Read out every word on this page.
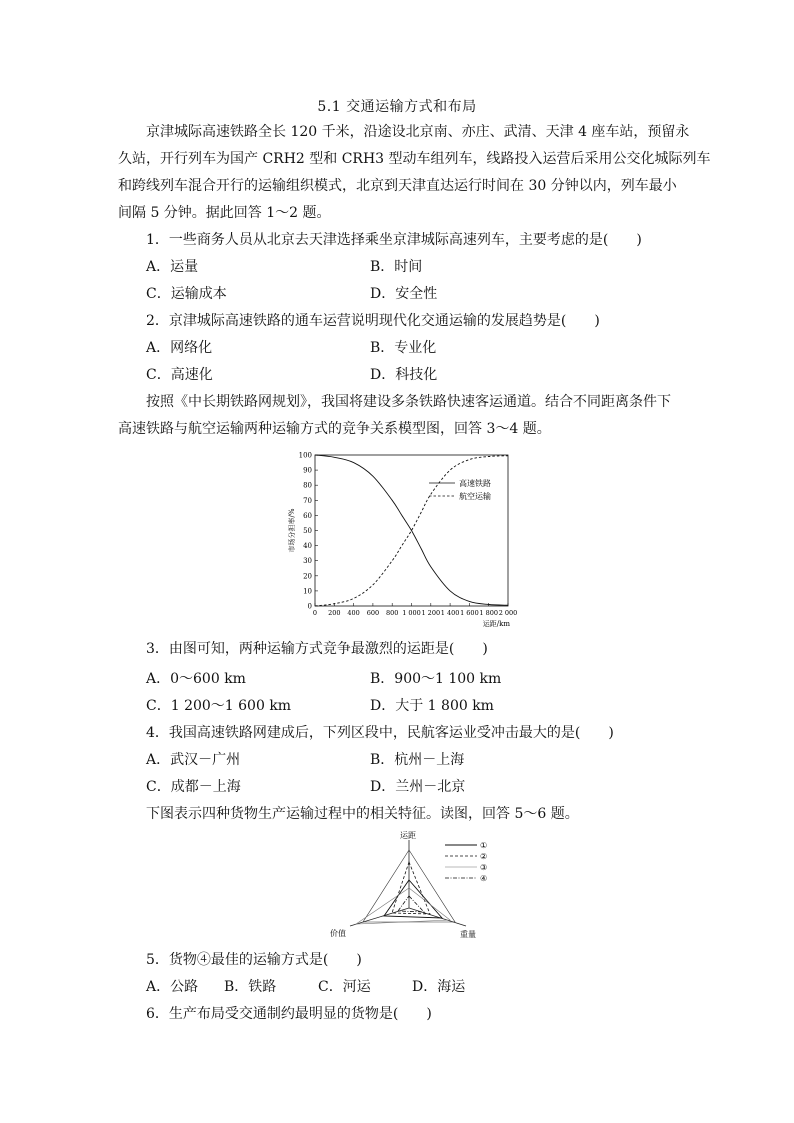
5.1 交通运输方式和布局
京津城际高速铁路全长 120 千米，沿途设北京南、亦庄、武清、天津 4 座车站，预留永
久站，开行列车为国产 CRH2 型和 CRH3 型动车组列车，线路投入运营后采用公交化城际列车
和跨线列车混合开行的运输组织模式，北京到天津直达运行时间在 30 分钟以内，列车最小
间隔 5 分钟。据此回答 1～2 题。
1．一些商务人员从北京去天津选择乘坐京津城际高速列车，主要考虑的是(　　)
A．运量	B．时间
C．运输成本	D．安全性
2．京津城际高速铁路的通车运营说明现代化交通运输的发展趋势是(　　)
A．网络化	B．专业化
C．高速化	D．科技化
按照《中长期铁路网规划》，我国将建设多条铁路快速客运通道。结合不同距离条件下
高速铁路与航空运输两种运输方式的竞争关系模型图，回答 3～4 题。
0
10
20
30
40
50
60
70
80
90
100
0 200 400 600 800 1 000 1 200 1 400 1 600 1 800 2 000
运距/km
市场分担率/%
高速铁路
航空运输
3．由图可知，两种运输方式竞争最激烈的运距是(　　)
A．0～600 km	B．900～1 100 km
C．1 200～1 600 km	D．大于 1 800 km
4．我国高速铁路网建成后，下列区段中，民航客运业受冲击最大的是(　　)
A．武汉－广州	B．杭州－上海
C．成都－上海	D．兰州－北京
下图表示四种货物生产运输过程中的相关特征。读图，回答 5～6 题。
运距
重量
价值
①
②
③
④
5．货物④最佳的运输方式是(　　)
A．公路 B．铁路	C．河运	D．海运
6．生产布局受交通制约最明显的货物是(　　)
